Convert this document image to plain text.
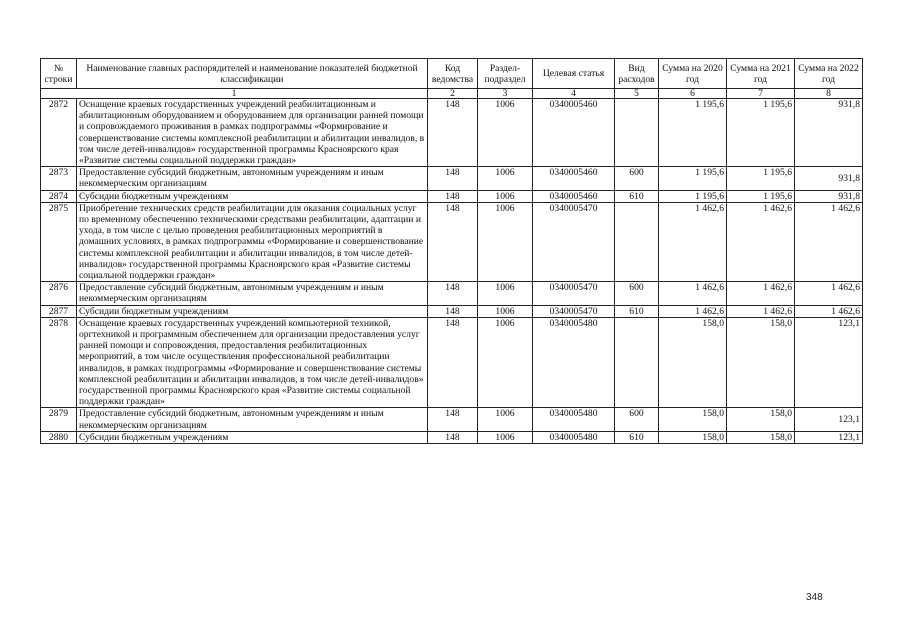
№ строки	Наименование главных распорядителей и наименование показателей бюджетной классификации	Код ведомства	Раздел-подраздел	Целевая статья	Вид расходов	Сумма на 2020 год	Сумма на 2021 год	Сумма на 2022 год
1		2	3	4	5	6	7	8
2872	Оснащение краевых государственных учреждений реабилитационным и абилитационным оборудованием и оборудованием для организации ранней помощи и сопровождаемого проживания в рамках подпрограммы «Формирование и совершенствование системы комплексной реабилитации и абилитации инвалидов, в том числе детей-инвалидов» государственной программы Красноярского края «Развитие системы социальной поддержки граждан»	148	1006	0340005460		1 195,6	1 195,6	931,8
2873	Предоставление субсидий бюджетным, автономным учреждениям и иным некоммерческим организациям	148	1006	0340005460	600	1 195,6	1 195,6	931,8
2874	Субсидии бюджетным учреждениям	148	1006	0340005460	610	1 195,6	1 195,6	931,8
2875	Приобретение технических средств реабилитации для оказания социальных услуг по временному обеспечению техническими средствами реабилитации, адаптации и ухода, в том числе с целью проведения реабилитационных мероприятий в домашних условиях, в рамках подпрограммы «Формирование и совершенствование системы комплексной реабилитации и абилитации инвалидов, в том числе детей-инвалидов» государственной программы Красноярского края «Развитие системы социальной поддержки граждан»	148	1006	0340005470		1 462,6	1 462,6	1 462,6
2876	Предоставление субсидий бюджетным, автономным учреждениям и иным некоммерческим организациям	148	1006	0340005470	600	1 462,6	1 462,6	1 462,6
2877	Субсидии бюджетным учреждениям	148	1006	0340005470	610	1 462,6	1 462,6	1 462,6
2878	Оснащение краевых государственных учреждений компьютерной техникой, оргтехникой и программным обеспечением для организации предоставления услуг ранней помощи и сопровождения, предоставления реабилитационных мероприятий, в том числе осуществления профессиональной реабилитации инвалидов, в рамках подпрограммы «Формирование и совершенствование системы комплексной реабилитации и абилитации инвалидов, в том числе детей-инвалидов» государственной программы Красноярского края «Развитие системы социальной поддержки граждан»	148	1006	0340005480		158,0	158,0	123,1
2879	Предоставление субсидий бюджетным, автономным учреждениям и иным некоммерческим организациям	148	1006	0340005480	600	158,0	158,0	123,1
2880	Субсидии бюджетным учреждениям	148	1006	0340005480	610	158,0	158,0	123,1
348
